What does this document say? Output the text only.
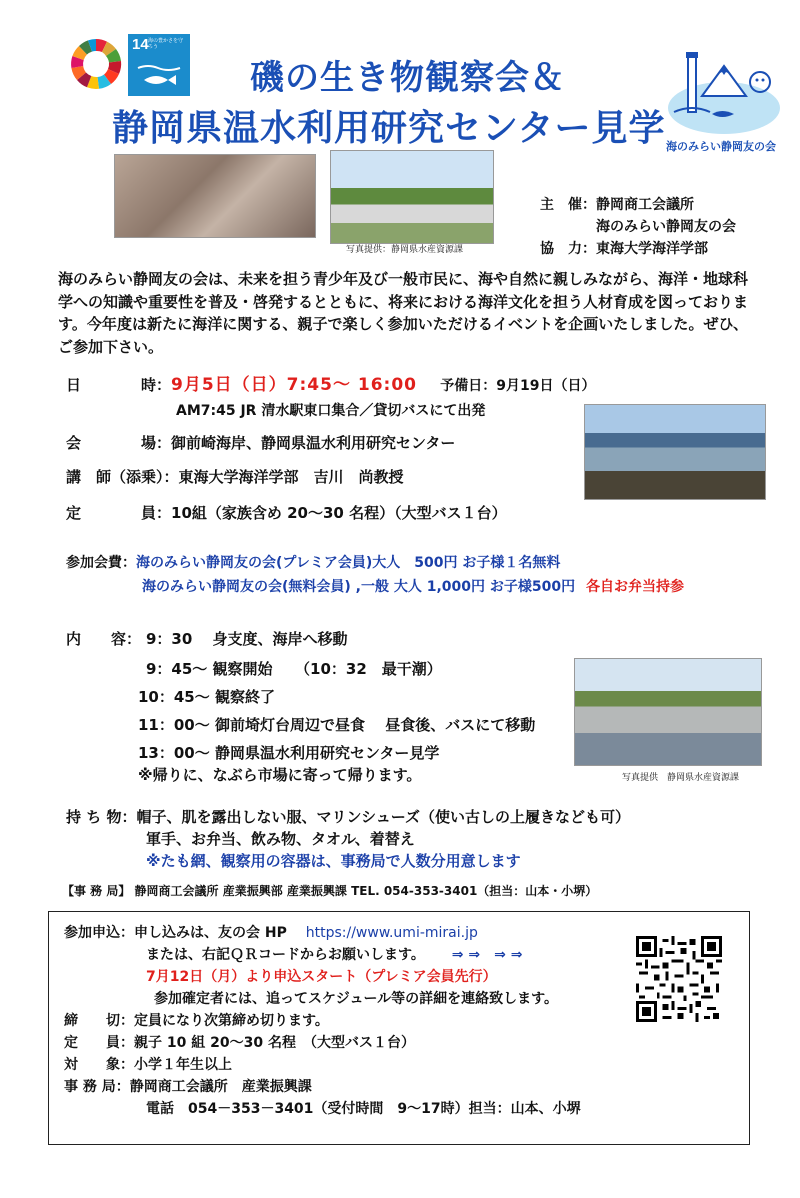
14 海の豊かさを守ろう
磯の生き物観察会＆
静岡県温水利用研究センター見学 海のみらい静岡友の会
写真提供：静岡県水産資源課
主　催：静岡商工会議所
海のみらい静岡友の会
協　力：東海大学海洋学部
海のみらい静岡友の会は、未来を担う青少年及び一般市民に、海や自然に親しみながら、海洋・地球科学への知識や重要性を普及・啓発するとともに、将来における海洋文化を担う人材育成を図っております。今年度は新たに海洋に関する、親子で楽しく参加いただけるイベントを企画いたしました。ぜひ、ご参加下さい。
日　　　　時：9月5日（日）7:45～ 16:00 予備日：9月19日（日）
AM7:45 JR 清水駅東口集合／貸切バスにて出発
会　　　　場：御前崎海岸、静岡県温水利用研究センター
講　師（添乗）：東海大学海洋学部　吉川　尚教授
定　　　　員：10組（家族含め 20～30 名程）（大型バス１台）
参加会費：海のみらい静岡友の会(プレミア会員)大人　500円 お子様１名無料
海のみらい静岡友の会(無料会員) ,一般 大人 1,000円 お子様500円 各自お弁当持参
内　　容： 9：30　 身支度、海岸へ移動
9：45～ 観察開始　　（10：32　最干潮）
10：45～ 観察終了
11：00～ 御前埼灯台周辺で昼食　 昼食後、バスにて移動
13：00～ 静岡県温水利用研究センター見学
※帰りに、なぶら市場に寄って帰ります。	写真提供　静岡県水産資源課
持 ち 物：帽子、肌を露出しない服、マリンシューズ（使い古しの上履きなども可）
軍手、お弁当、飲み物、タオル、着替え
※たも網、観察用の容器は、事務局で人数分用意します
【事 務 局】 静岡商工会議所 産業振興部 産業振興課 TEL. 054-353-3401（担当：山本・小堺）
参加申込：申し込みは、友の会 HP https://www.umi-mirai.jp
または、右記ＱＲコードからお願いします。 ⇒ ⇒　⇒ ⇒
7月12日（月）より申込スタート（プレミア会員先行）
参加確定者には、追ってスケジュール等の詳細を連絡致します。
締　　切：定員になり次第締め切ります。
定　　員：親子 10 組 20～30 名程　（大型バス１台）
対　　象：小学１年生以上
事 務 局：静岡商工会議所　産業振興課
電話　054－353－3401（受付時間　9～17時）担当：山本、小堺
